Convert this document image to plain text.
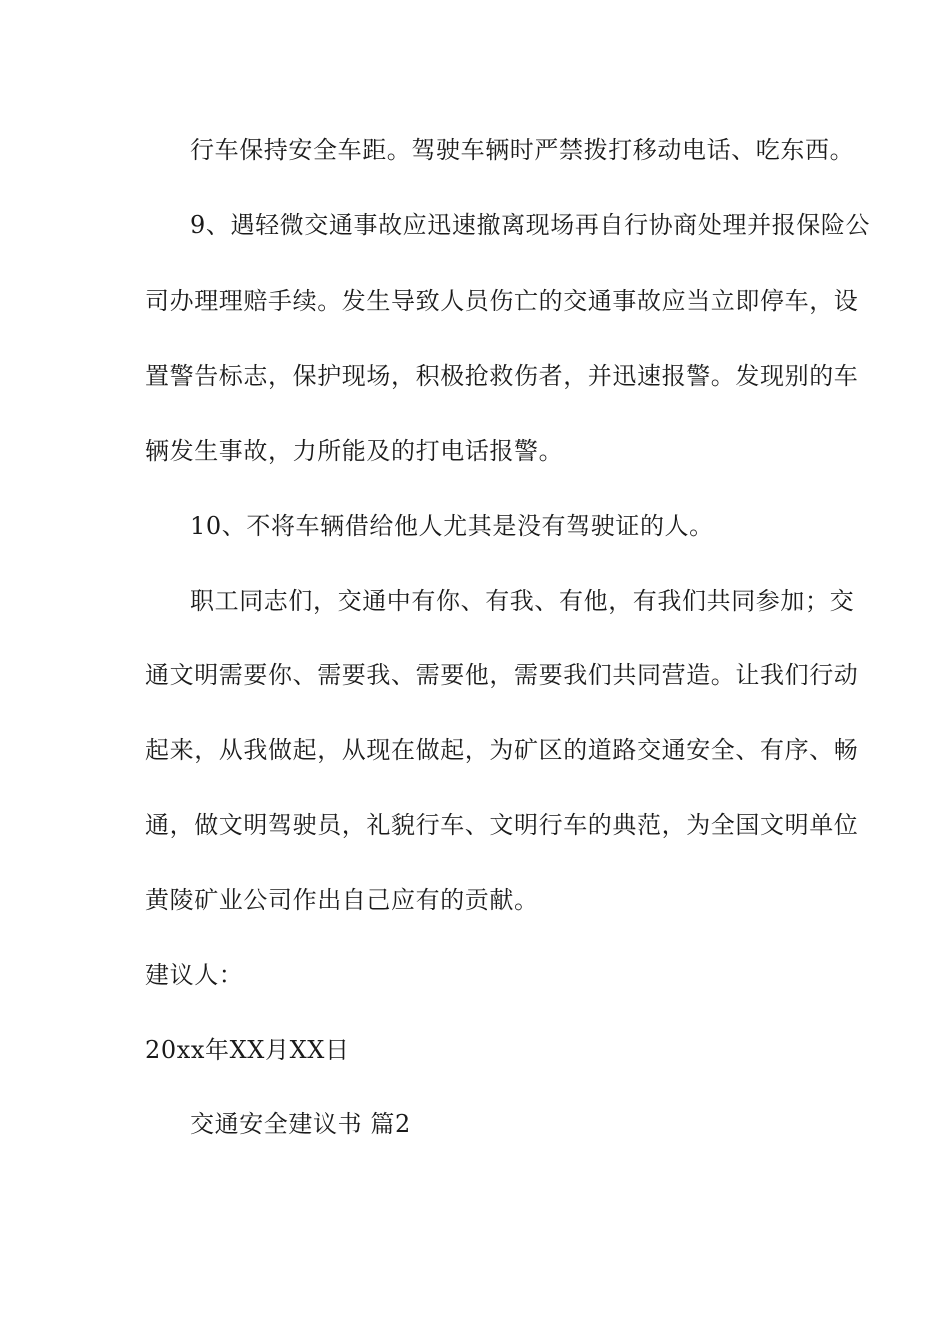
行车保持安全车距。驾驶车辆时严禁拨打移动电话、吃东西。
9、遇轻微交通事故应迅速撤离现场再自行协商处理并报保险公
司办理理赔手续。发生导致人员伤亡的交通事故应当立即停车，设
置警告标志，保护现场，积极抢救伤者，并迅速报警。发现别的车
辆发生事故，力所能及的打电话报警。
10、不将车辆借给他人尤其是没有驾驶证的人。
职工同志们，交通中有你、有我、有他，有我们共同参加；交
通文明需要你、需要我、需要他，需要我们共同营造。让我们行动
起来，从我做起，从现在做起，为矿区的道路交通安全、有序、畅
通，做文明驾驶员，礼貌行车、文明行车的典范，为全国文明单位
黄陵矿业公司作出自己应有的贡献。
建议人：
20xx年XX月XX日
交通安全建议书 篇2
